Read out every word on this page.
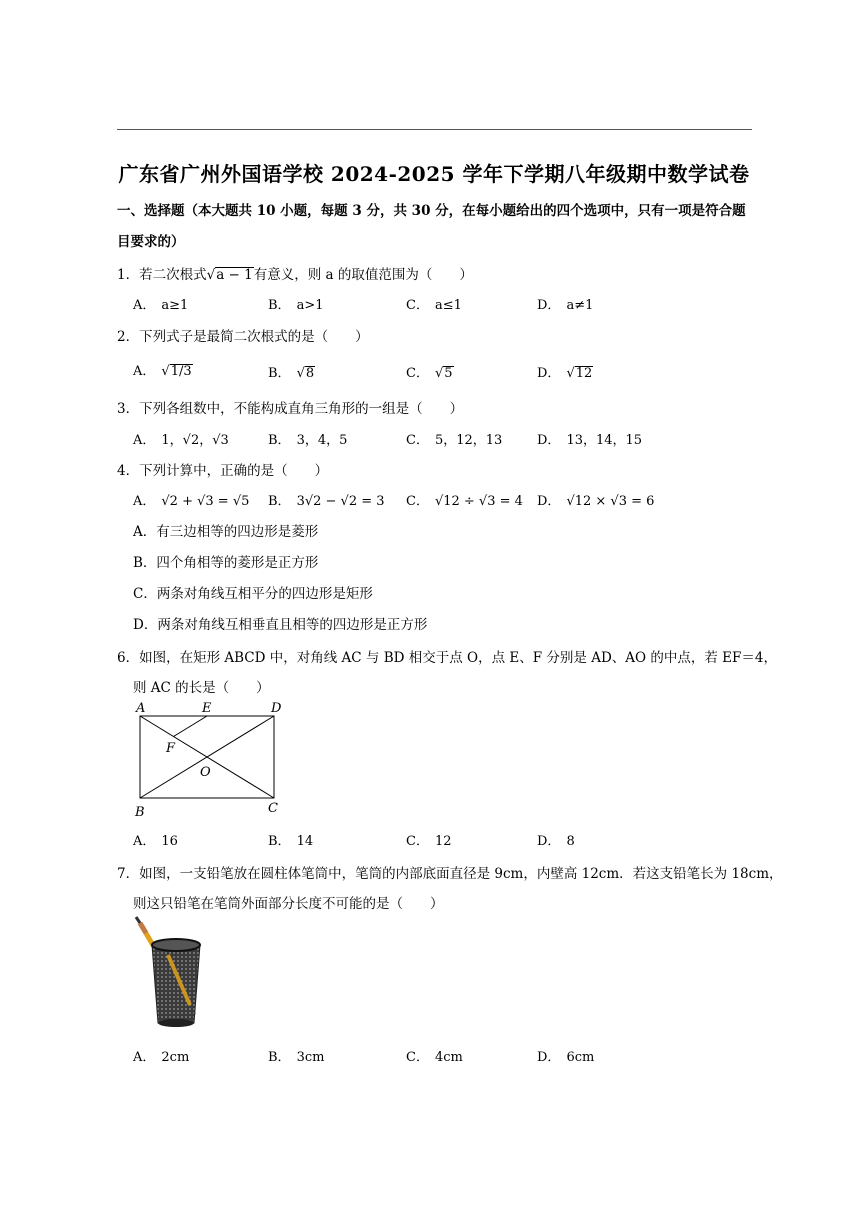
广东省广州外国语学校 2024-2025 学年下学期八年级期中数学试卷
一、选择题（本大题共 10 小题，每题 3 分，共 30 分，在每小题给出的四个选项中，只有一项是符合题目要求的）
1．若二次根式√a − 1有意义，则 a 的取值范围为（　　）
A． a≥1	B． a>1	C． a≤1	D． a≠1
2．下列式子是最简二次根式的是（　　）
A． √1/3	B． √8	C． √5	D． √12
3．下列各组数中，不能构成直角三角形的一组是（　　）
A． 1，√2，√3	B． 3，4，5	C． 5，12，13	D． 13，14，15
4．下列计算中，正确的是（　　）
A． √2 + √3 = √5 B． 3√2 − √2 = 3 C． √12 ÷ √3 = 4 D． √12 × √3 = 6
A．有三边相等的四边形是菱形
B．四个角相等的菱形是正方形
C．两条对角线互相平分的四边形是矩形
D．两条对角线互相垂直且相等的四边形是正方形
6．如图，在矩形 ABCD 中，对角线 AC 与 BD 相交于点 O，点 E、F 分别是 AD、AO 的中点，若 EF＝4，
则 AC 的长是（　　）
A	E	D
F
O
B	C
A． 16	B． 14	C． 12	D． 8
7．如图，一支铅笔放在圆柱体笔筒中，笔筒的内部底面直径是 9cm，内壁高 12cm．若这支铅笔长为 18cm，
则这只铅笔在笔筒外面部分长度不可能的是（　　）
A． 2cm	B． 3cm	C． 4cm	D． 6cm
